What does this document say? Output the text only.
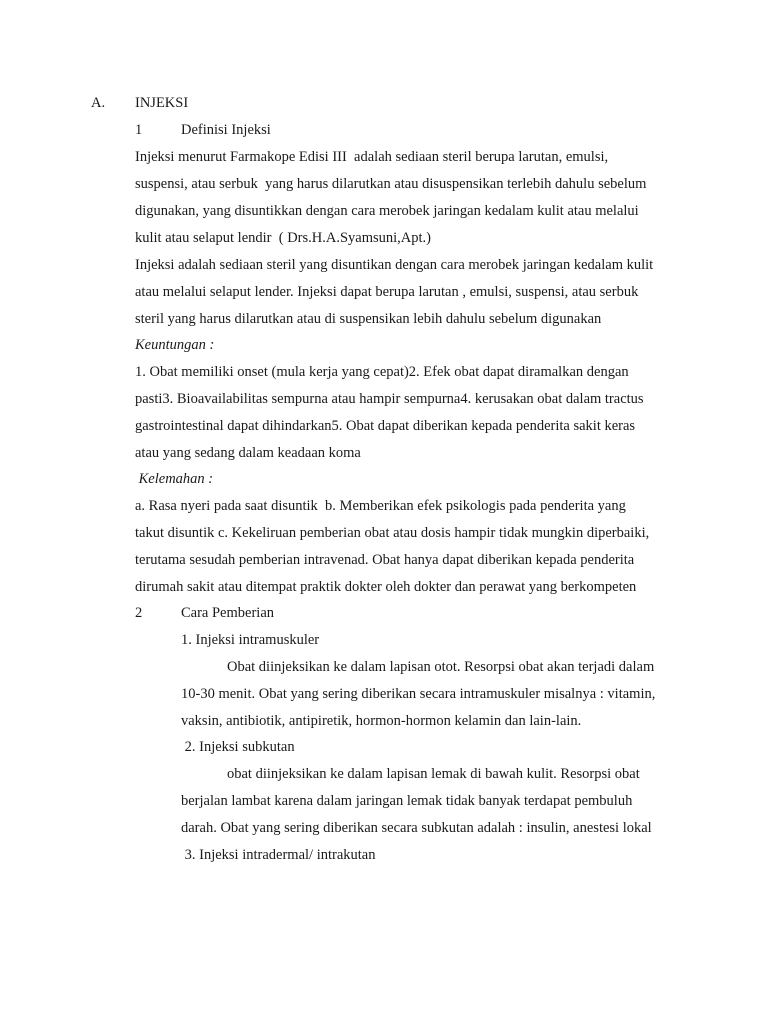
A. INJEKSI
1	Definisi Injeksi
Injeksi menurut Farmakope Edisi III  adalah sediaan steril berupa larutan, emulsi,
suspensi, atau serbuk  yang harus dilarutkan atau disuspensikan terlebih dahulu sebelum
digunakan, yang disuntikkan dengan cara merobek jaringan kedalam kulit atau melalui
kulit atau selaput lendir  ( Drs.H.A.Syamsuni,Apt.)
Injeksi adalah sediaan steril yang disuntikan dengan cara merobek jaringan kedalam kulit
atau melalui selaput lender. Injeksi dapat berupa larutan , emulsi, suspensi, atau serbuk
steril yang harus dilarutkan atau di suspensikan lebih dahulu sebelum digunakan
Keuntungan :
1. Obat memiliki onset (mula kerja yang cepat)2. Efek obat dapat diramalkan dengan
pasti3. Bioavailabilitas sempurna atau hampir sempurna4. kerusakan obat dalam tractus
gastrointestinal dapat dihindarkan5. Obat dapat diberikan kepada penderita sakit keras
atau yang sedang dalam keadaan koma
Kelemahan :
a. Rasa nyeri pada saat disuntik  b. Memberikan efek psikologis pada penderita yang
takut disuntik c. Kekeliruan pemberian obat atau dosis hampir tidak mungkin diperbaiki,
terutama sesudah pemberian intravenad. Obat hanya dapat diberikan kepada penderita
dirumah sakit atau ditempat praktik dokter oleh dokter dan perawat yang berkompeten
2	Cara Pemberian
1. Injeksi intramuskuler
Obat diinjeksikan ke dalam lapisan otot. Resorpsi obat akan terjadi dalam
10-30 menit. Obat yang sering diberikan secara intramuskuler misalnya : vitamin,
vaksin, antibiotik, antipiretik, hormon-hormon kelamin dan lain-lain.
2. Injeksi subkutan
obat diinjeksikan ke dalam lapisan lemak di bawah kulit. Resorpsi obat
berjalan lambat karena dalam jaringan lemak tidak banyak terdapat pembuluh
darah. Obat yang sering diberikan secara subkutan adalah : insulin, anestesi lokal
3. Injeksi intradermal/ intrakutan
